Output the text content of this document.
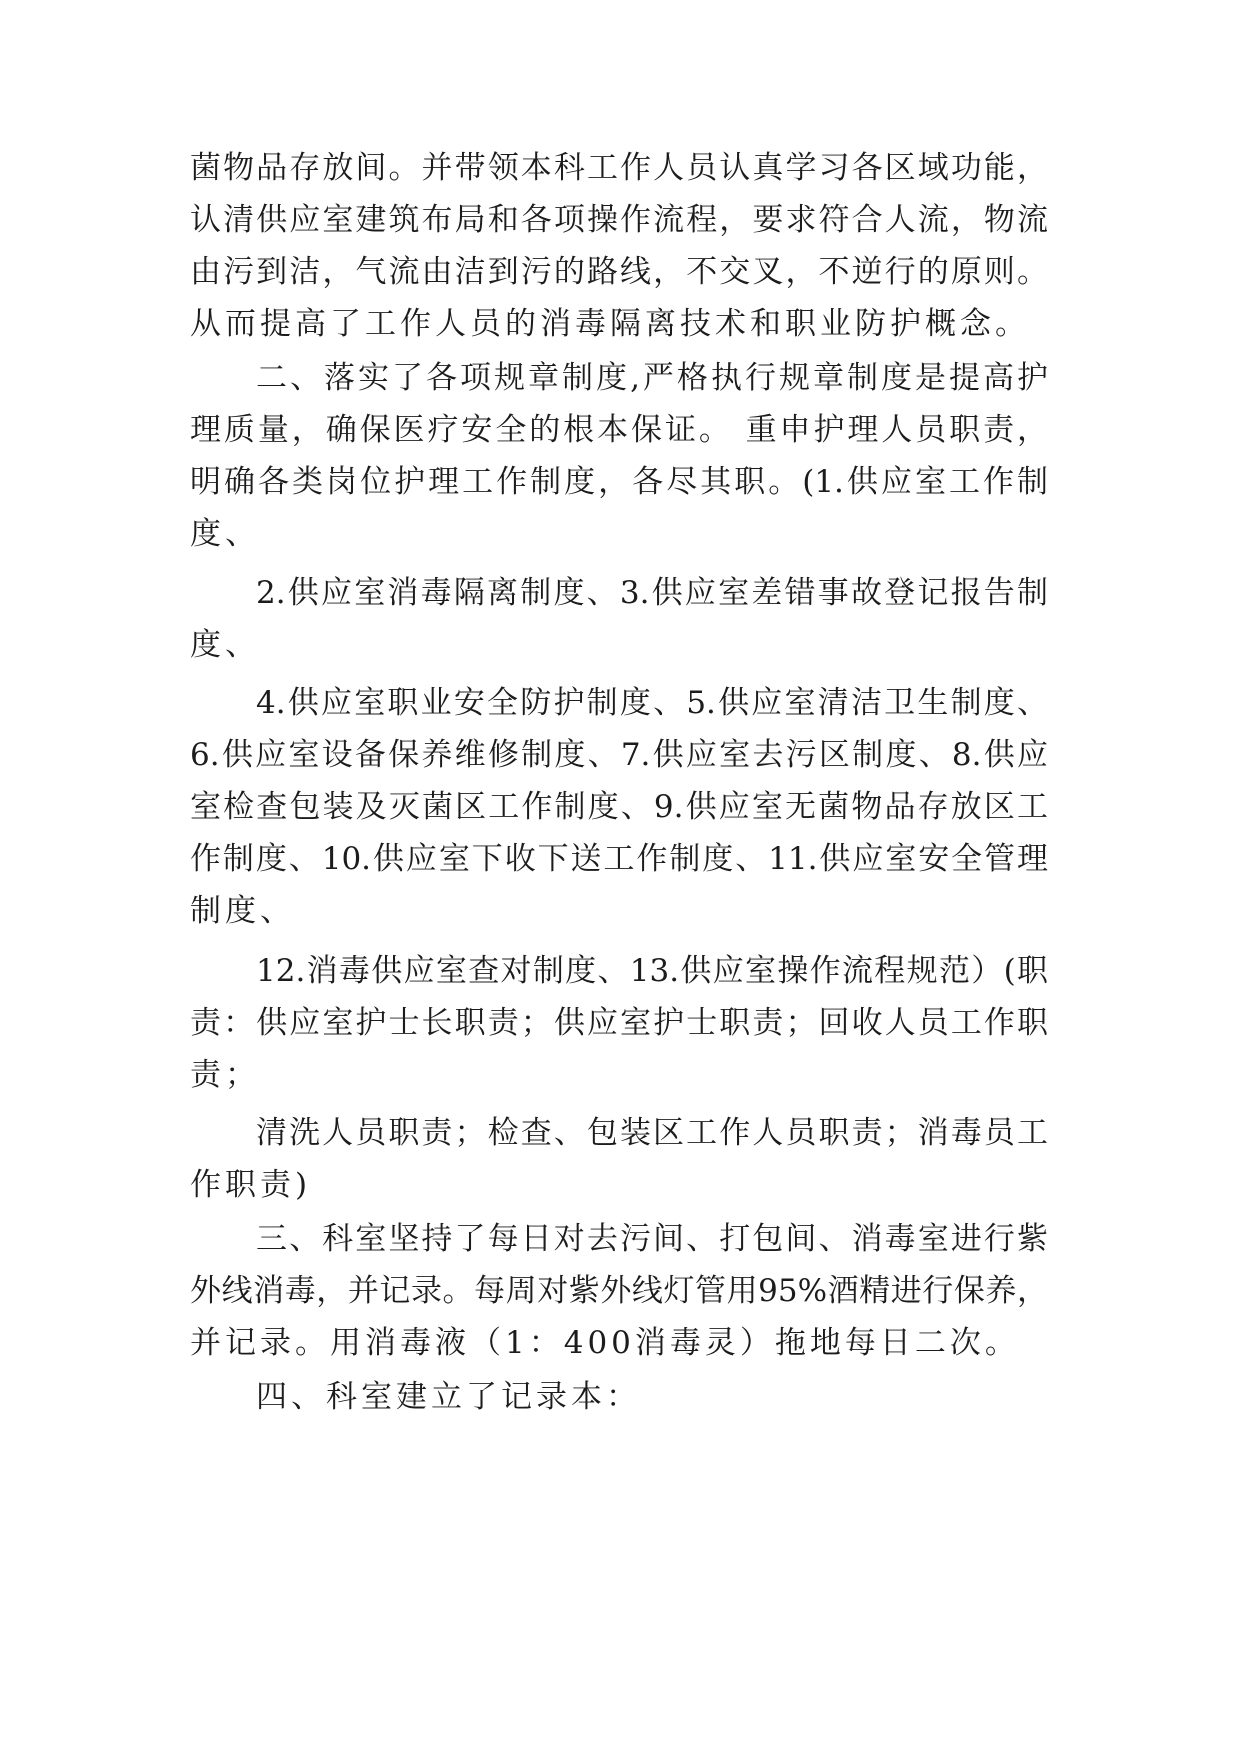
菌物品存放间。并带领本科工作人员认真学习各区域功能，
认清供应室建筑布局和各项操作流程，要求符合人流，物流
由污到洁，气流由洁到污的路线，不交叉，不逆行的原则。
从而提高了工作人员的消毒隔离技术和职业防护概念。
二、落实了各项规章制度,严格执行规章制度是提高护
理质量，确保医疗安全的根本保证。 重申护理人员职责，
明确各类岗位护理工作制度，各尽其职。(1.供应室工作制
度、
2.供应室消毒隔离制度、3.供应室差错事故登记报告制
度、
4.供应室职业安全防护制度、5.供应室清洁卫生制度、
6.供应室设备保养维修制度、7.供应室去污区制度、8.供应
室检查包装及灭菌区工作制度、9.供应室无菌物品存放区工
作制度、10.供应室下收下送工作制度、11.供应室安全管理
制度、
12.消毒供应室查对制度、13.供应室操作流程规范）(职
责：供应室护士长职责；供应室护士职责；回收人员工作职
责；
清洗人员职责；检查、包装区工作人员职责；消毒员工
作职责)
三、科室坚持了每日对去污间、打包间、消毒室进行紫
外线消毒，并记录。每周对紫外线灯管用95%酒精进行保养，
并记录。用消毒液（1：400消毒灵）拖地每日二次。
四、科室建立了记录本：
